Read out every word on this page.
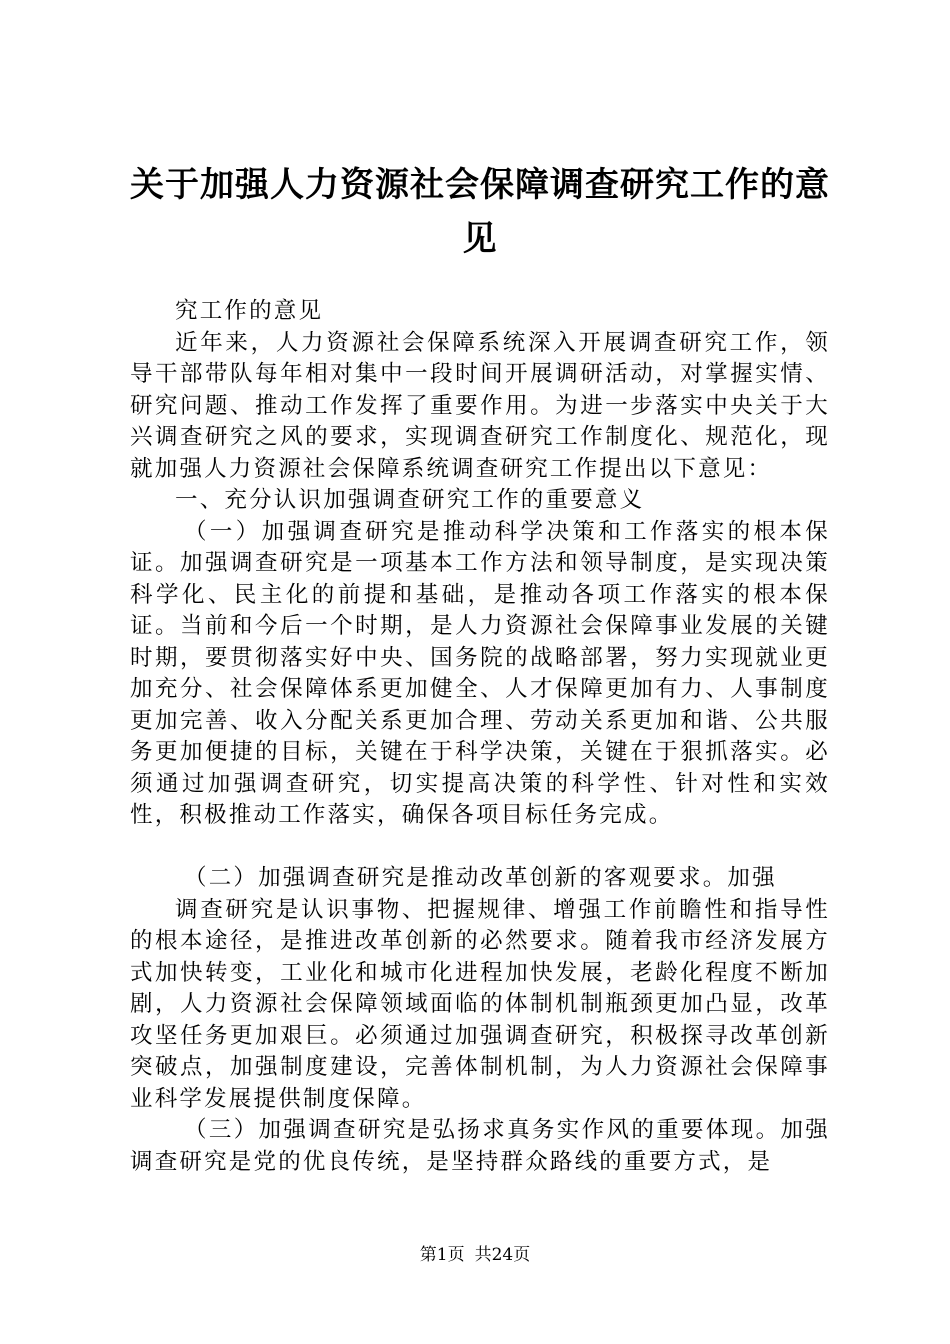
关于加强人力资源社会保障调查研究工作的意见

究工作的意见

近年来，人力资源社会保障系统深入开展调查研究工作，领导干部带队每年相对集中一段时间开展调研活动，对掌握实情、研究问题、推动工作发挥了重要作用。为进一步落实中央关于大兴调查研究之风的要求，实现调查研究工作制度化、规范化，现就加强人力资源社会保障系统调查研究工作提出以下意见：

一、充分认识加强调查研究工作的重要意义

（一）加强调查研究是推动科学决策和工作落实的根本保证。加强调查研究是一项基本工作方法和领导制度，是实现决策科学化、民主化的前提和基础，是推动各项工作落实的根本保证。当前和今后一个时期，是人力资源社会保障事业发展的关键时期，要贯彻落实好中央、国务院的战略部署，努力实现就业更加充分、社会保障体系更加健全、人才保障更加有力、人事制度更加完善、收入分配关系更加合理、劳动关系更加和谐、公共服务更加便捷的目标，关键在于科学决策，关键在于狠抓落实。必须通过加强调查研究，切实提高决策的科学性、针对性和实效性，积极推动工作落实，确保各项目标任务完成。

（二）加强调查研究是推动改革创新的客观要求。加强

调查研究是认识事物、把握规律、增强工作前瞻性和指导性的根本途径，是推进改革创新的必然要求。随着我市经济发展方式加快转变，工业化和城市化进程加快发展，老龄化程度不断加剧，人力资源社会保障领域面临的体制机制瓶颈更加凸显，改革攻坚任务更加艰巨。必须通过加强调查研究，积极探寻改革创新突破点，加强制度建设，完善体制机制，为人力资源社会保障事业科学发展提供制度保障。

（三）加强调查研究是弘扬求真务实作风的重要体现。加强调查研究是党的优良传统，是坚持群众路线的重要方式，是

第1页 共24页
